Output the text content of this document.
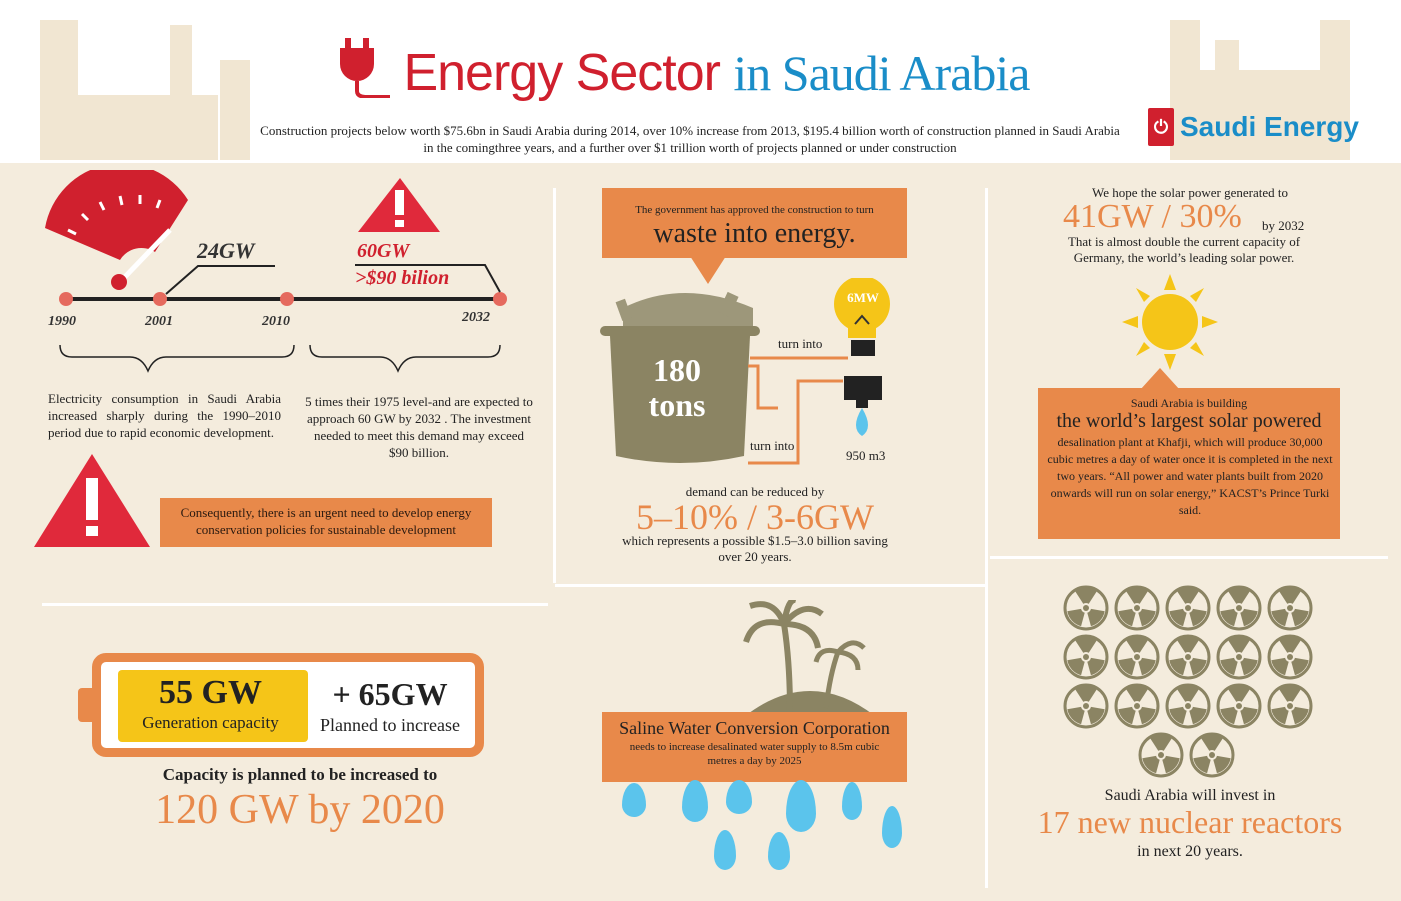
Energy Sector in Saudi Arabia
Construction projects below worth $75.6bn in Saudi Arabia during 2014, over 10% increase from 2013, $195.4 billion worth of construction planned in Saudi Arabia in the comingthree years, and a further over $1 trillion worth of projects planned or under construction
⏻ Saudi Energy
24GW	60GW
>$90 bilion
1990	2001	2010	2032
Electricity consumption in Saudi Arabia increased sharply during the 1990–2010 period due to rapid economic development.
5 times their 1975 level-and are expected to approach 60 GW by 2032 . The investment needed to meet this demand may exceed $90 billion.
Consequently, there is an urgent need to develop energy conservation policies for sustainable development
55 GW
Generation capacity
+ 65GW
Planned to increase
Capacity is planned to be increased to
120 GW by 2020
The government has approved the construction to turn
waste into energy.
6MW
180
tons
turn into
turn into
950 m3
demand can be reduced by
5–10% / 3-6GW
which represents a possible $1.5–3.0 billion saving over 20 years.
Saline Water Conversion Corporation
needs to increase desalinated water supply to 8.5m cubic metres a day by 2025
We hope the solar power generated to
41GW / 30% by 2032
That is almost double the current capacity of Germany, the world’s leading solar power.
Saudi Arabia is building
the world’s largest solar powered
desalination plant at Khafji, which will produce 30,000 cubic metres a day of water once it is completed in the next two years. “All power and water plants built from 2020 onwards will run on solar energy,” KACST’s Prince Turki said.
Saudi Arabia will invest in
17 new nuclear reactors
in next 20 years.
